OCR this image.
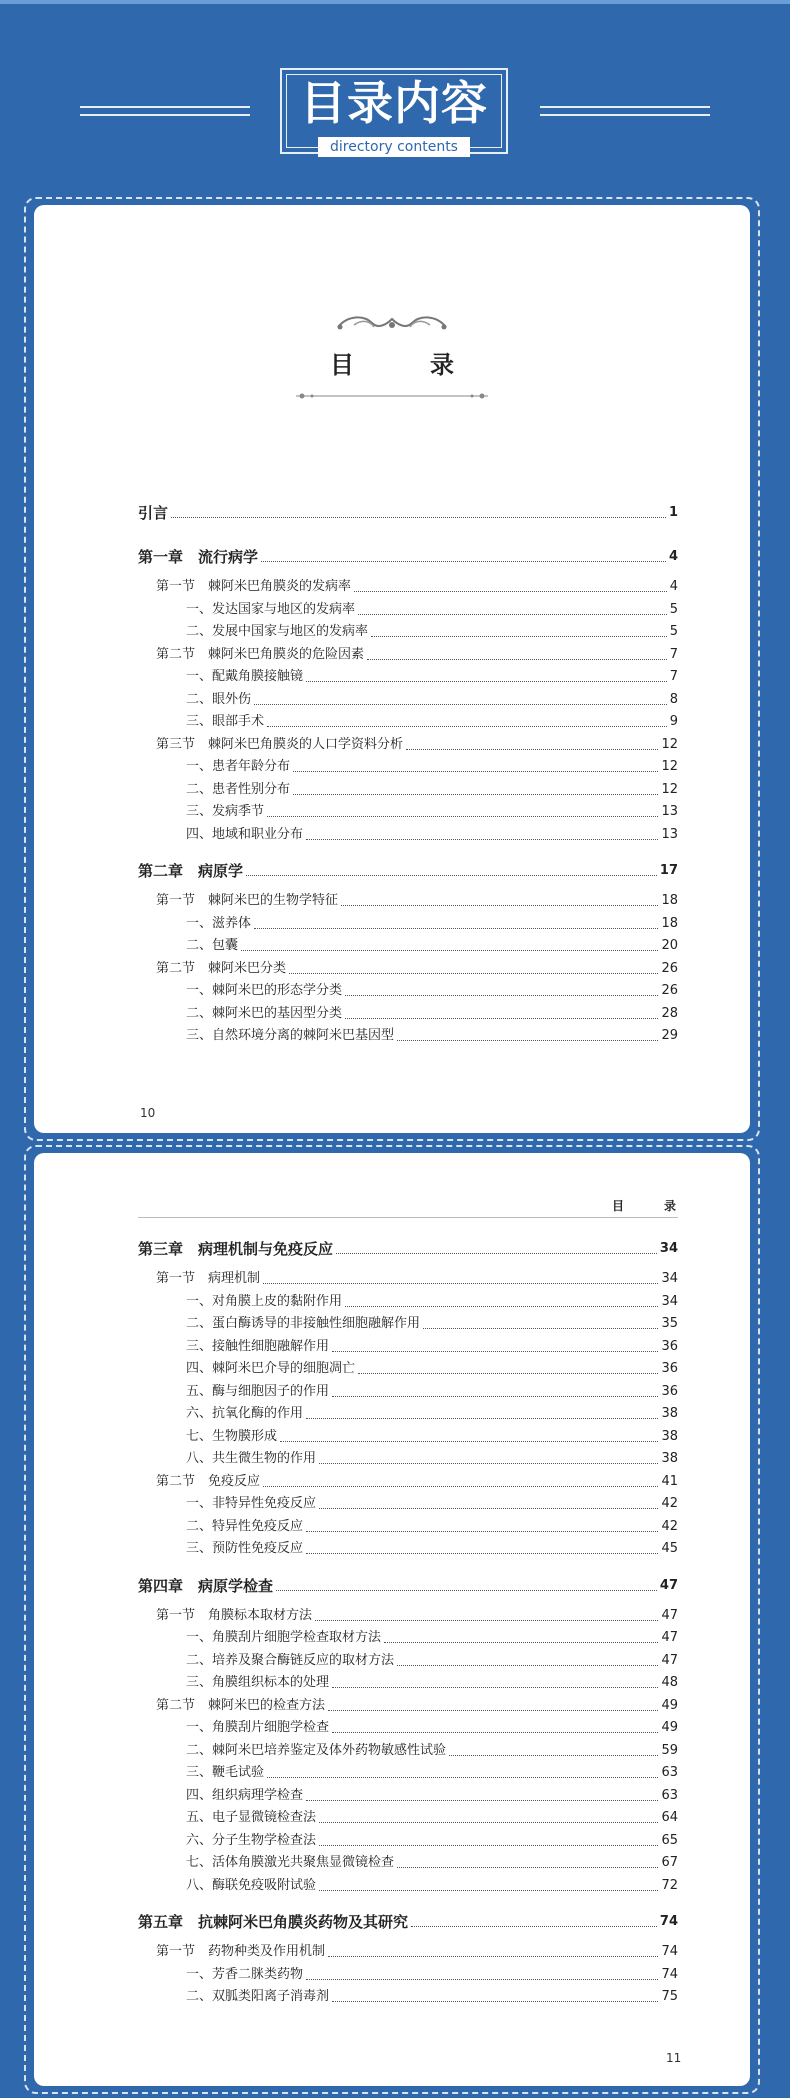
目录内容
directory contents
目　录
引言	1
第一章　流行病学	4
第一节　棘阿米巴角膜炎的发病率	4
一、发达国家与地区的发病率	5
二、发展中国家与地区的发病率	5
第二节　棘阿米巴角膜炎的危险因素	7
一、配戴角膜接触镜	7
二、眼外伤	8
三、眼部手术	9
第三节　棘阿米巴角膜炎的人口学资料分析	12
一、患者年龄分布	12
二、患者性别分布	12
三、发病季节	13
四、地域和职业分布	13
第二章　病原学	17
第一节　棘阿米巴的生物学特征	18
一、滋养体	18
二、包囊	20
第二节　棘阿米巴分类	26
一、棘阿米巴的形态学分类	26
二、棘阿米巴的基因型分类	28
三、自然环境分离的棘阿米巴基因型	29
10
目　录
第三章　病理机制与免疫反应	34
第一节　病理机制	34
一、对角膜上皮的黏附作用	34
二、蛋白酶诱导的非接触性细胞融解作用	35
三、接触性细胞融解作用	36
四、棘阿米巴介导的细胞凋亡	36
五、酶与细胞因子的作用	36
六、抗氧化酶的作用	38
七、生物膜形成	38
八、共生微生物的作用	38
第二节　免疫反应	41
一、非特异性免疫反应	42
二、特异性免疫反应	42
三、预防性免疫反应	45
第四章　病原学检查	47
第一节　角膜标本取材方法	47
一、角膜刮片细胞学检查取材方法	47
二、培养及聚合酶链反应的取材方法	47
三、角膜组织标本的处理	48
第二节　棘阿米巴的检查方法	49
一、角膜刮片细胞学检查	49
二、棘阿米巴培养鉴定及体外药物敏感性试验	59
三、鞭毛试验	63
四、组织病理学检查	63
五、电子显微镜检查法	64
六、分子生物学检查法	65
七、活体角膜激光共聚焦显微镜检查	67
八、酶联免疫吸附试验	72
第五章　抗棘阿米巴角膜炎药物及其研究	74
第一节　药物种类及作用机制	74
一、芳香二脒类药物	74
二、双胍类阳离子消毒剂	75
11
